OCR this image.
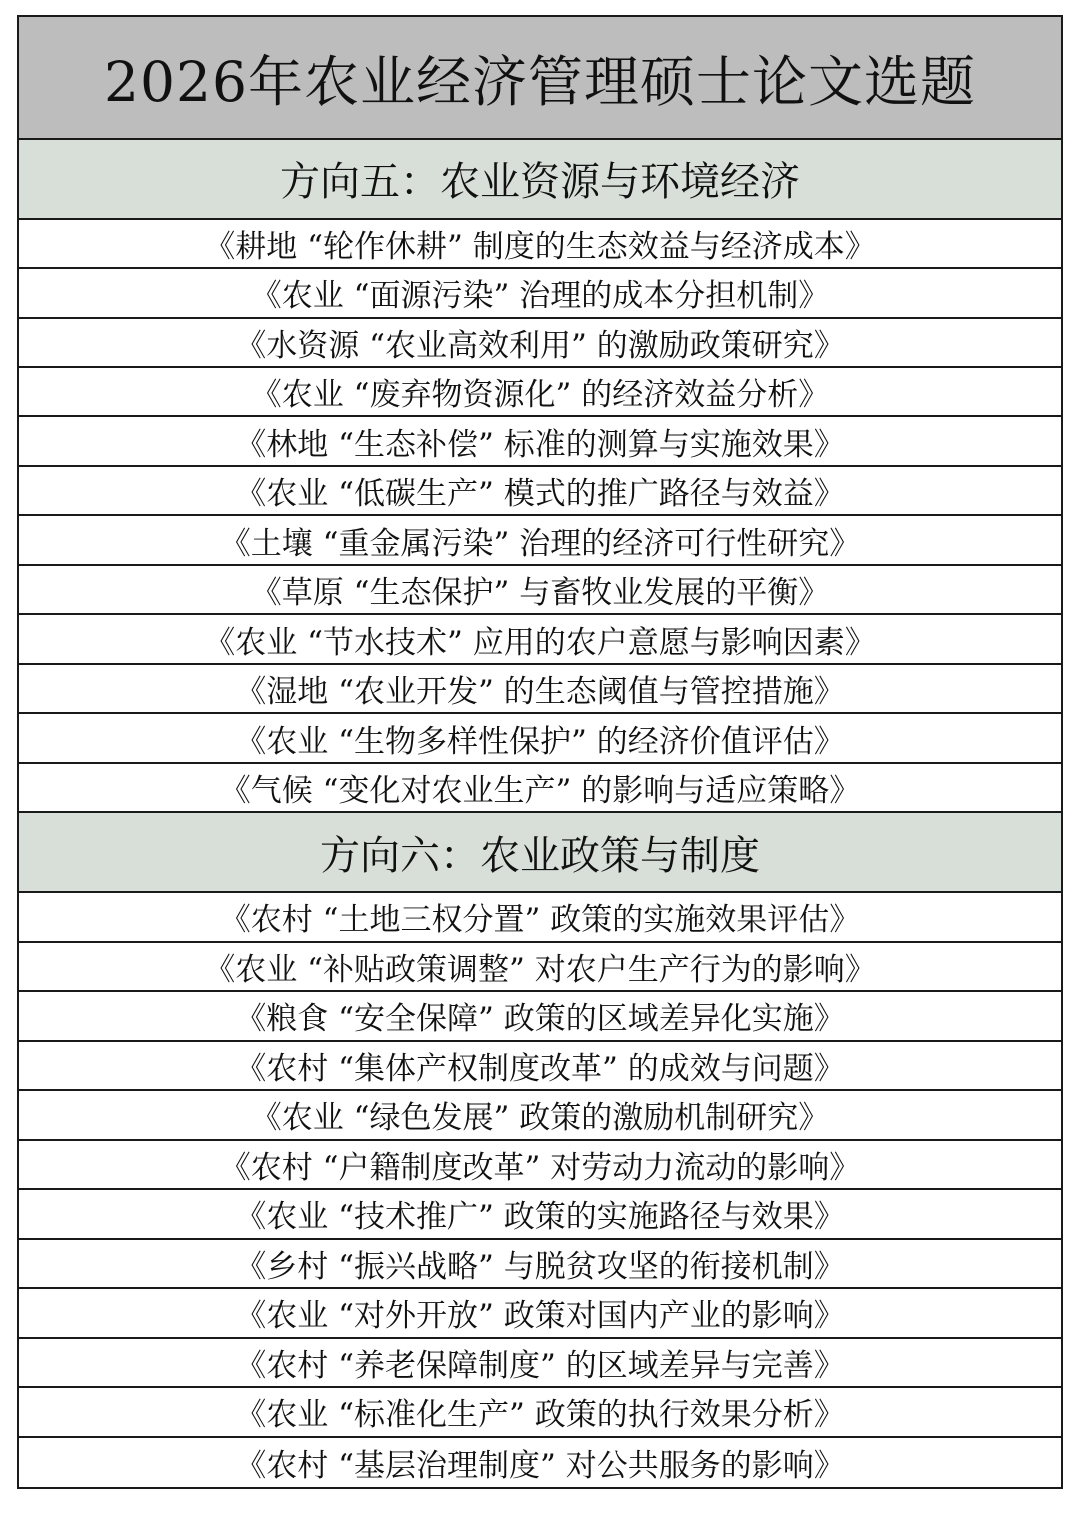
2026年农业经济管理硕士论文选题
方向五：农业资源与环境经济
《耕地 “轮作休耕” 制度的生态效益与经济成本》
《农业 “面源污染” 治理的成本分担机制》
《水资源 “农业高效利用” 的激励政策研究》
《农业 “废弃物资源化” 的经济效益分析》
《林地 “生态补偿” 标准的测算与实施效果》
《农业 “低碳生产” 模式的推广路径与效益》
《土壤 “重金属污染” 治理的经济可行性研究》
《草原 “生态保护” 与畜牧业发展的平衡》
《农业 “节水技术” 应用的农户意愿与影响因素》
《湿地 “农业开发” 的生态阈值与管控措施》
《农业 “生物多样性保护” 的经济价值评估》
《气候 “变化对农业生产” 的影响与适应策略》
方向六：农业政策与制度
《农村 “土地三权分置” 政策的实施效果评估》
《农业 “补贴政策调整” 对农户生产行为的影响》
《粮食 “安全保障” 政策的区域差异化实施》
《农村 “集体产权制度改革” 的成效与问题》
《农业 “绿色发展” 政策的激励机制研究》
《农村 “户籍制度改革” 对劳动力流动的影响》
《农业 “技术推广” 政策的实施路径与效果》
《乡村 “振兴战略” 与脱贫攻坚的衔接机制》
《农业 “对外开放” 政策对国内产业的影响》
《农村 “养老保障制度” 的区域差异与完善》
《农业 “标准化生产” 政策的执行效果分析》
《农村 “基层治理制度” 对公共服务的影响》
